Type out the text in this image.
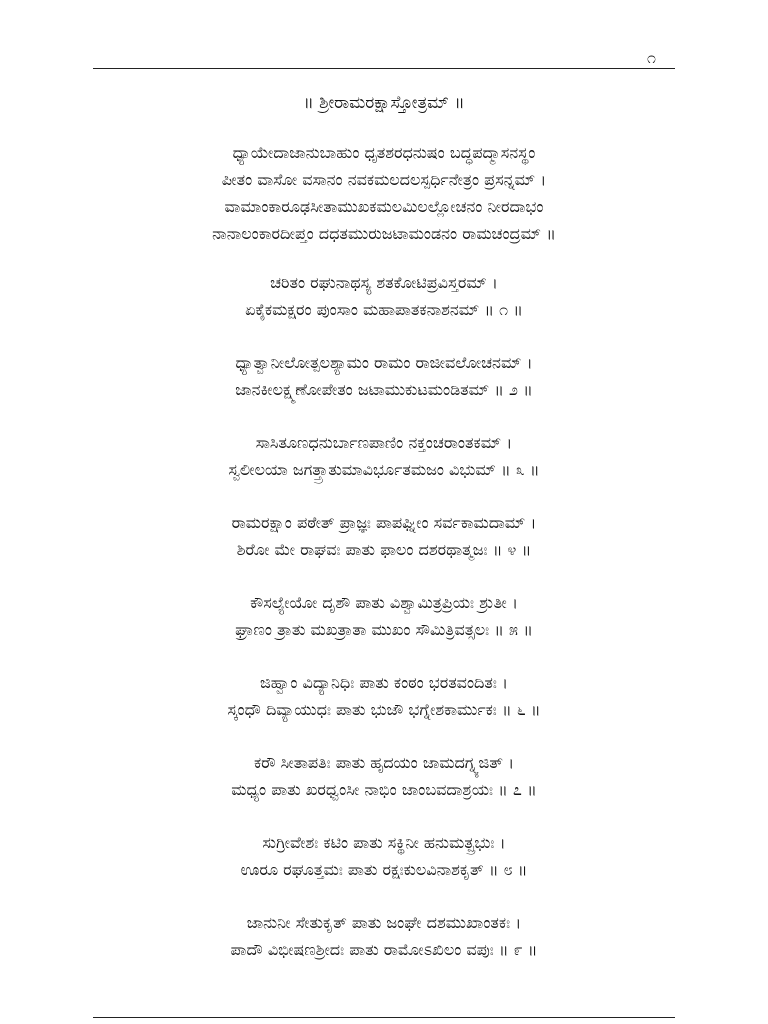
೧
॥ ಶ್ರೀರಾಮರಕ್ಷಾಸ್ತೋತ್ರಮ್ ॥
ಧ್ಯಾಯೇದಾಜಾನುಬಾಹುಂ ಧೃತಶರಧನುಷಂ ಬದ್ಧಪದ್ಮಾಸನಸ್ಥಂ
ಪೀತಂ ವಾಸೋ ವಸಾನಂ ನವಕಮಲದಲಸ್ಪರ್ಧಿನೇತ್ರಂ ಪ್ರಸನ್ನಮ್ ।
ವಾಮಾಂಕಾರೂಢಸೀತಾಮುಖಕಮಲಮಿಲಲ್ಲೋಚನಂ ನೀರದಾಭಂ
ನಾನಾಲಂಕಾರದೀಪ್ತಂ ದಧತಮುರುಜಟಾಮಂಡನಂ ರಾಮಚಂದ್ರಮ್ ॥
ಚರಿತಂ ರಘುನಾಥಸ್ಯ ಶತಕೋಟಿಪ್ರವಿಸ್ತರಮ್ ।
ಏಕೈಕಮಕ್ಷರಂ ಪುಂಸಾಂ ಮಹಾಪಾತಕನಾಶನಮ್ ॥ ೧ ॥
ಧ್ಯಾತ್ವಾನೀಲೋತ್ಪಲಶ್ಯಾಮಂ ರಾಮಂ ರಾಜೀವಲೋಚನಮ್ ।
ಜಾನಕೀಲಕ್ಷ್ಮಣೋಪೇತಂ ಜಟಾಮುಕುಟಮಂಡಿತಮ್ ॥ ೨ ॥
ಸಾಸಿತೂಣಧನುರ್ಬಾಣಪಾಣಿಂ ನಕ್ತಂಚರಾಂತಕಮ್ ।
ಸ್ವಲೀಲಯಾ ಜಗತ್ತ್ರಾತುಮಾವಿರ್ಭೂತಮಜಂ ವಿಭುಮ್ ॥ ೩ ॥
ರಾಮರಕ್ಷಾಂ ಪಠೇತ್ ಪ್ರಾಜ್ಞಃ ಪಾಪಘ್ನೀಂ ಸರ್ವಕಾಮದಾಮ್ ।
ಶಿರೋ ಮೇ ರಾಘವಃ ಪಾತು ಫಾಲಂ ದಶರಥಾತ್ಮಜಃ ॥ ೪ ॥
ಕೌಸಲ್ಯೇಯೋ ದೃಶೌ ಪಾತು ವಿಶ್ವಾಮಿತ್ರಪ್ರಿಯಃ ಶ್ರುತೀ ।
ಘ್ರಾಣಂ ತ್ರಾತು ಮಖತ್ರಾತಾ ಮುಖಂ ಸೌಮಿತ್ರಿವತ್ಸಲಃ ॥ ೫ ॥
ಜಿಹ್ವಾಂ ವಿದ್ಯಾನಿಧಿಃ ಪಾತು ಕಂಠಂ ಭರತವಂದಿತಃ ।
ಸ್ಕಂಧೌ ದಿವ್ಯಾಯುಧಃ ಪಾತು ಭುಜೌ ಭಗ್ನೇಶಕಾರ್ಮುಕಃ ॥ ೬ ॥
ಕರೌ ಸೀತಾಪತಿಃ ಪಾತು ಹೃದಯಂ ಜಾಮದಗ್ನ್ಯಜಿತ್ ।
ಮಧ್ಯಂ ಪಾತು ಖರಧ್ವಂಸೀ ನಾಭಿಂ ಜಾಂಬವದಾಶ್ರಯಃ ॥ ೭ ॥
ಸುಗ್ರೀವೇಶಃ ಕಟಿಂ ಪಾತು ಸಕ್ಥಿನೀ ಹನುಮತ್ಪ್ರಭುಃ ।
ಊರೂ ರಘೂತ್ತಮಃ ಪಾತು ರಕ್ಷಃಕುಲವಿನಾಶಕೃತ್ ॥ ೮ ॥
ಜಾನುನೀ ಸೇತುಕೃತ್ ಪಾತು ಜಂಘೇ ದಶಮುಖಾಂತಕಃ ।
ಪಾದೌ ವಿಭೀಷಣಶ್ರೀದಃ ಪಾತು ರಾಮೋಽಖಿಲಂ ವಪುಃ ॥ ೯ ॥
